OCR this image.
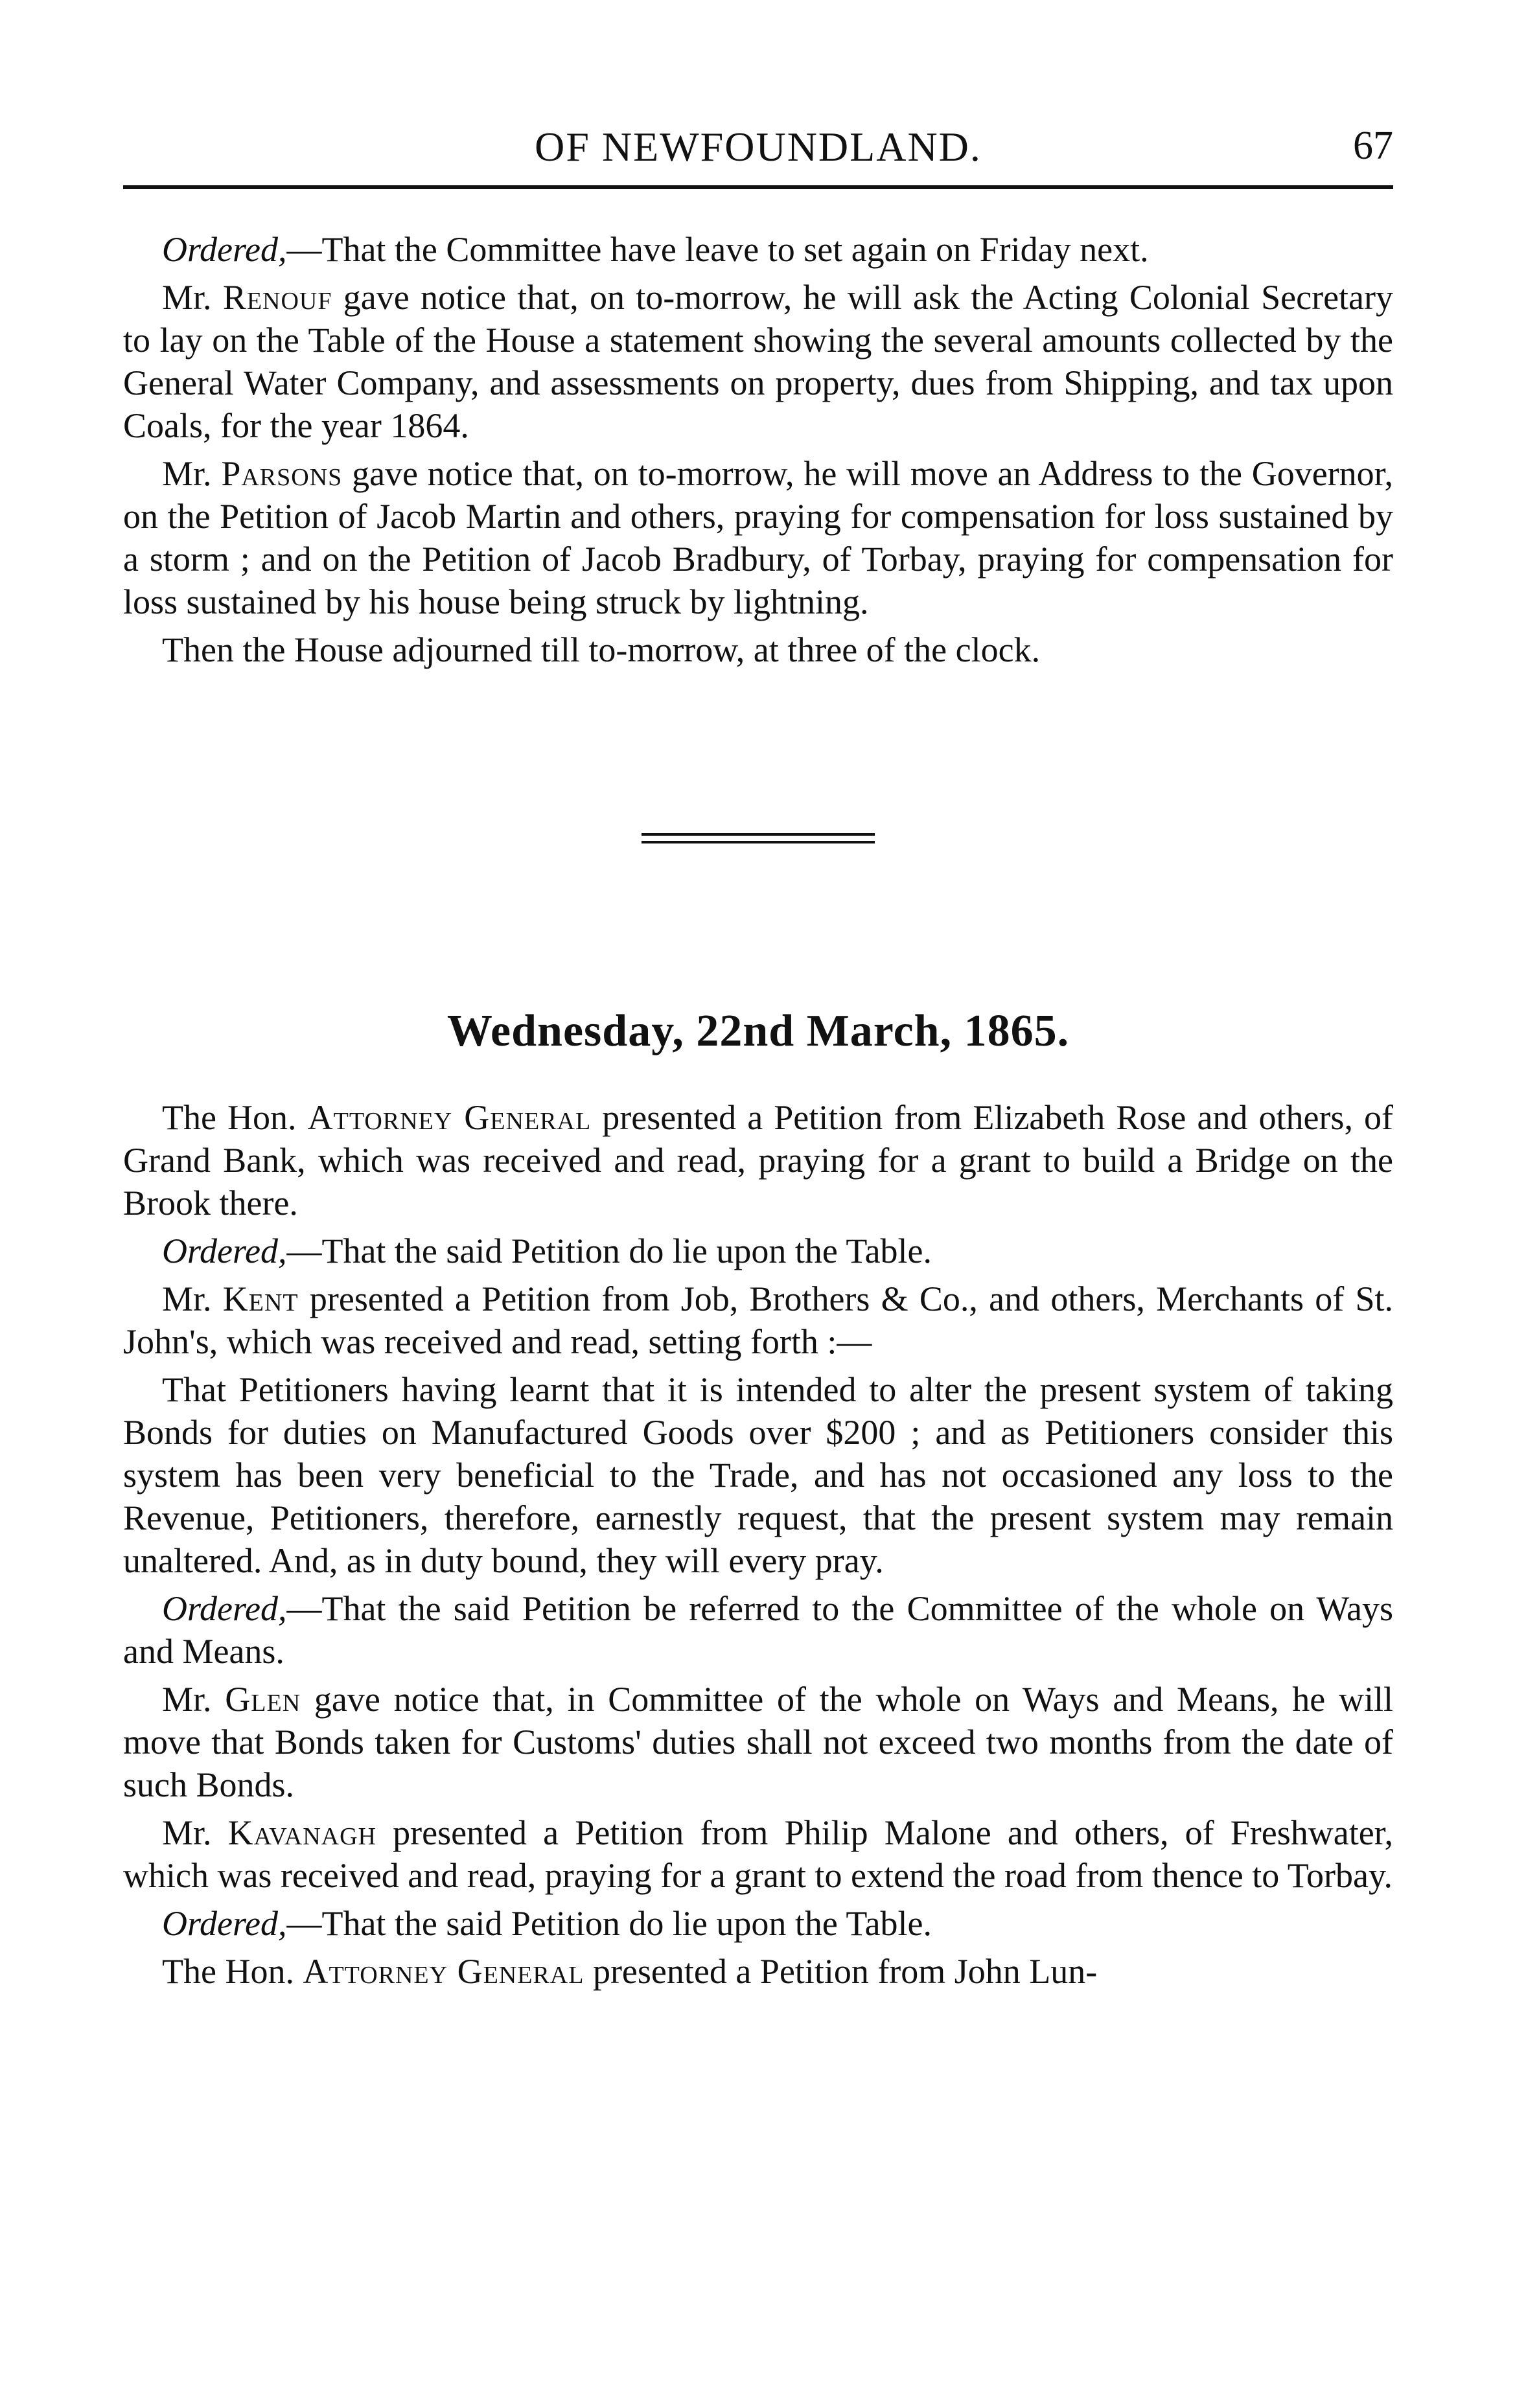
OF NEWFOUNDLAND.	67

Ordered,—That the Committee have leave to set again on Friday next.

Mr. Renouf gave notice that, on to-morrow, he will ask the Acting Colonial Secretary to lay on the Table of the House a statement showing the several amounts collected by the General Water Company, and assessments on property, dues from Shipping, and tax upon Coals, for the year 1864.

Mr. Parsons gave notice that, on to-morrow, he will move an Address to the Governor, on the Petition of Jacob Martin and others, praying for compensation for loss sustained by a storm ; and on the Petition of Jacob Bradbury, of Torbay, praying for compensation for loss sustained by his house being struck by lightning.

Then the House adjourned till to-morrow, at three of the clock.

Wednesday, 22nd March, 1865.

The Hon. Attorney General presented a Petition from Elizabeth Rose and others, of Grand Bank, which was received and read, praying for a grant to build a Bridge on the Brook there.

Ordered,—That the said Petition do lie upon the Table.

Mr. Kent presented a Petition from Job, Brothers & Co., and others, Merchants of St. John's, which was received and read, setting forth :—

That Petitioners having learnt that it is intended to alter the present system of taking Bonds for duties on Manufactured Goods over $200 ; and as Petitioners consider this system has been very beneficial to the Trade, and has not occasioned any loss to the Revenue, Petitioners, therefore, earnestly request, that the present system may remain unaltered. And, as in duty bound, they will every pray.

Ordered,—That the said Petition be referred to the Committee of the whole on Ways and Means.

Mr. Glen gave notice that, in Committee of the whole on Ways and Means, he will move that Bonds taken for Customs' duties shall not exceed two months from the date of such Bonds.

Mr. Kavanagh presented a Petition from Philip Malone and others, of Freshwater, which was received and read, praying for a grant to extend the road from thence to Torbay.

Ordered,—That the said Petition do lie upon the Table.

The Hon. Attorney General presented a Petition from John Lun-
